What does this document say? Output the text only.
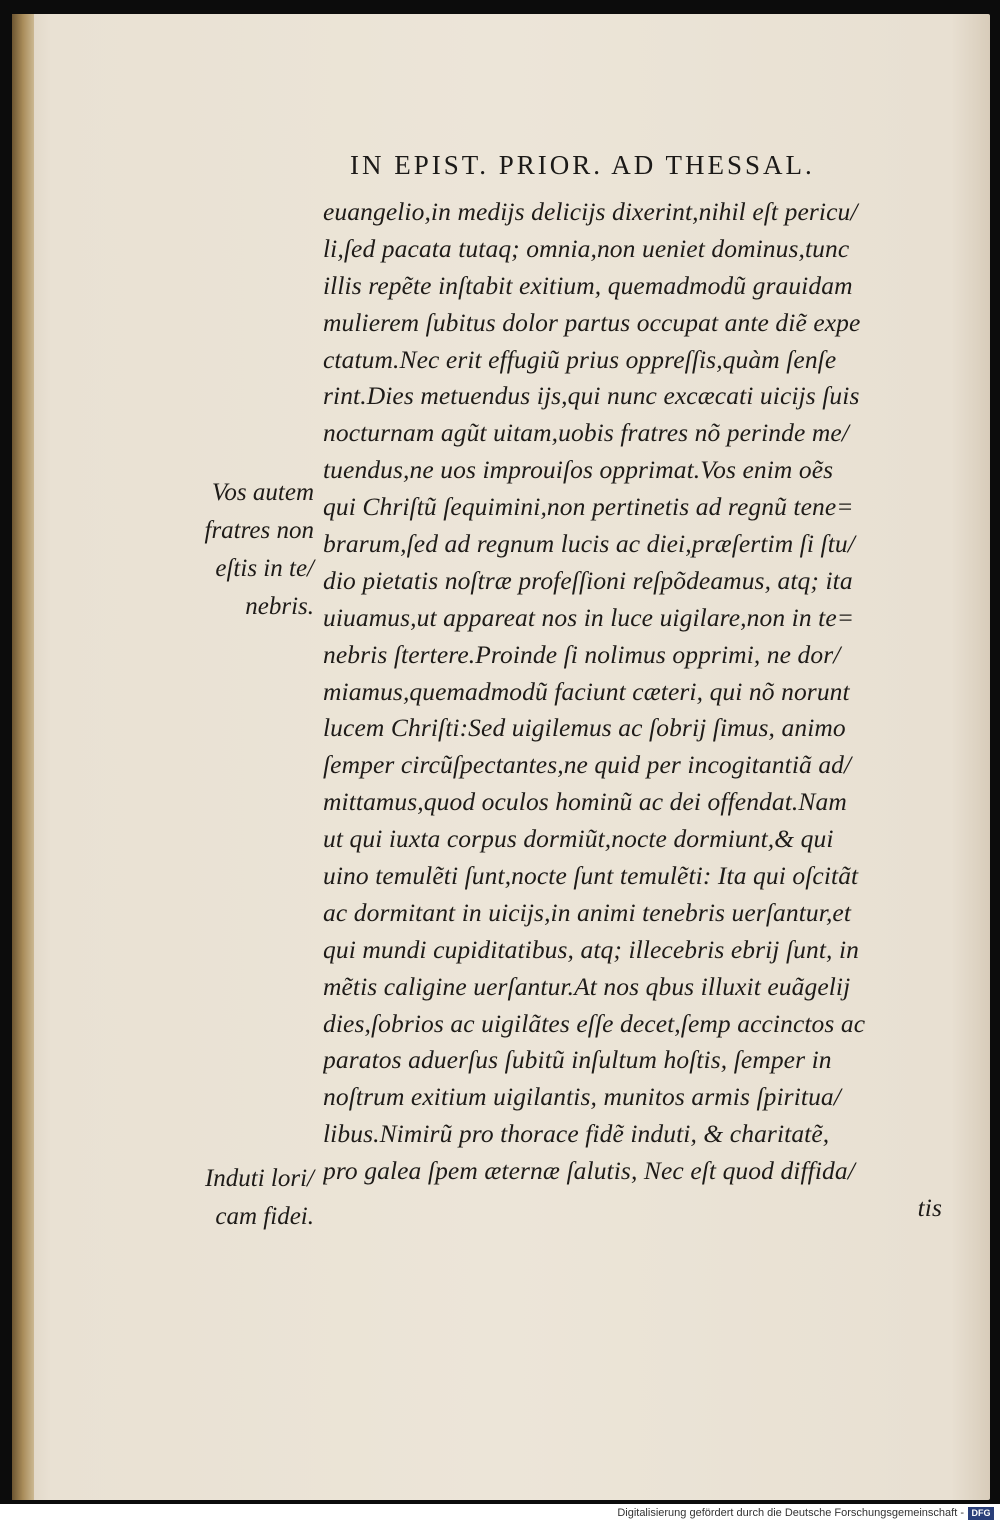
IN EPIST. PRIOR. AD THESSAL.
euangelio,in medijs delicijs dixerint,nihil eſt pericu/
li,ſed pacata tutaq; omnia,non ueniet dominus,tunc
illis repẽte inſtabit exitium, quemadmodũ grauidam
mulierem ſubitus dolor partus occupat ante diẽ expe
ctatum.Nec erit effugiũ prius oppreſſis,quàm ſenſe
rint.Dies metuendus ijs,qui nunc excæcati uicijs ſuis
nocturnam agũt uitam,uobis fratres nõ perinde me/
tuendus,ne uos improuiſos opprimat.Vos enim oẽs
qui Chriſtũ ſequimini,non pertinetis ad regnũ tene=
brarum,ſed ad regnum lucis ac diei,præſertim ſi ſtu/
dio pietatis noſtræ profeſſioni reſpõdeamus, atq; ita
uiuamus,ut appareat nos in luce uigilare,non in te=
nebris ſtertere.Proinde ſi nolimus opprimi, ne dor/
miamus,quemadmodũ faciunt cæteri, qui nõ norunt
lucem Chriſti:Sed uigilemus ac ſobrij ſimus, animo
ſemper circũſpectantes,ne quid per incogitantiã ad/
mittamus,quod oculos hominũ ac dei offendat.Nam
ut qui iuxta corpus dormiũt,nocte dormiunt,& qui
uino temulẽti ſunt,nocte ſunt temulẽti: Ita qui oſcitãt
ac dormitant in uicijs,in animi tenebris uerſantur,et
qui mundi cupiditatibus, atq; illecebris ebrij ſunt, in
mẽtis caligine uerſantur.At nos qbus illuxit euãgelij
dies,ſobrios ac uigilãtes eſſe decet,ſemp accinctos ac
paratos aduerſus ſubitũ inſultum hoſtis, ſemper in
noſtrum exitium uigilantis, munitos armis ſpiritua/
libus.Nimirũ pro thorace fidẽ induti, & charitatẽ,
pro galea ſpem æternæ ſalutis, Nec eſt quod diffida/
tis
Vos autem
fratres non
eſtis in te/
nebris.
Induti lori/
cam fidei.
Digitalisierung gefördert durch die Deutsche Forschungsgemeinschaft - DFG
